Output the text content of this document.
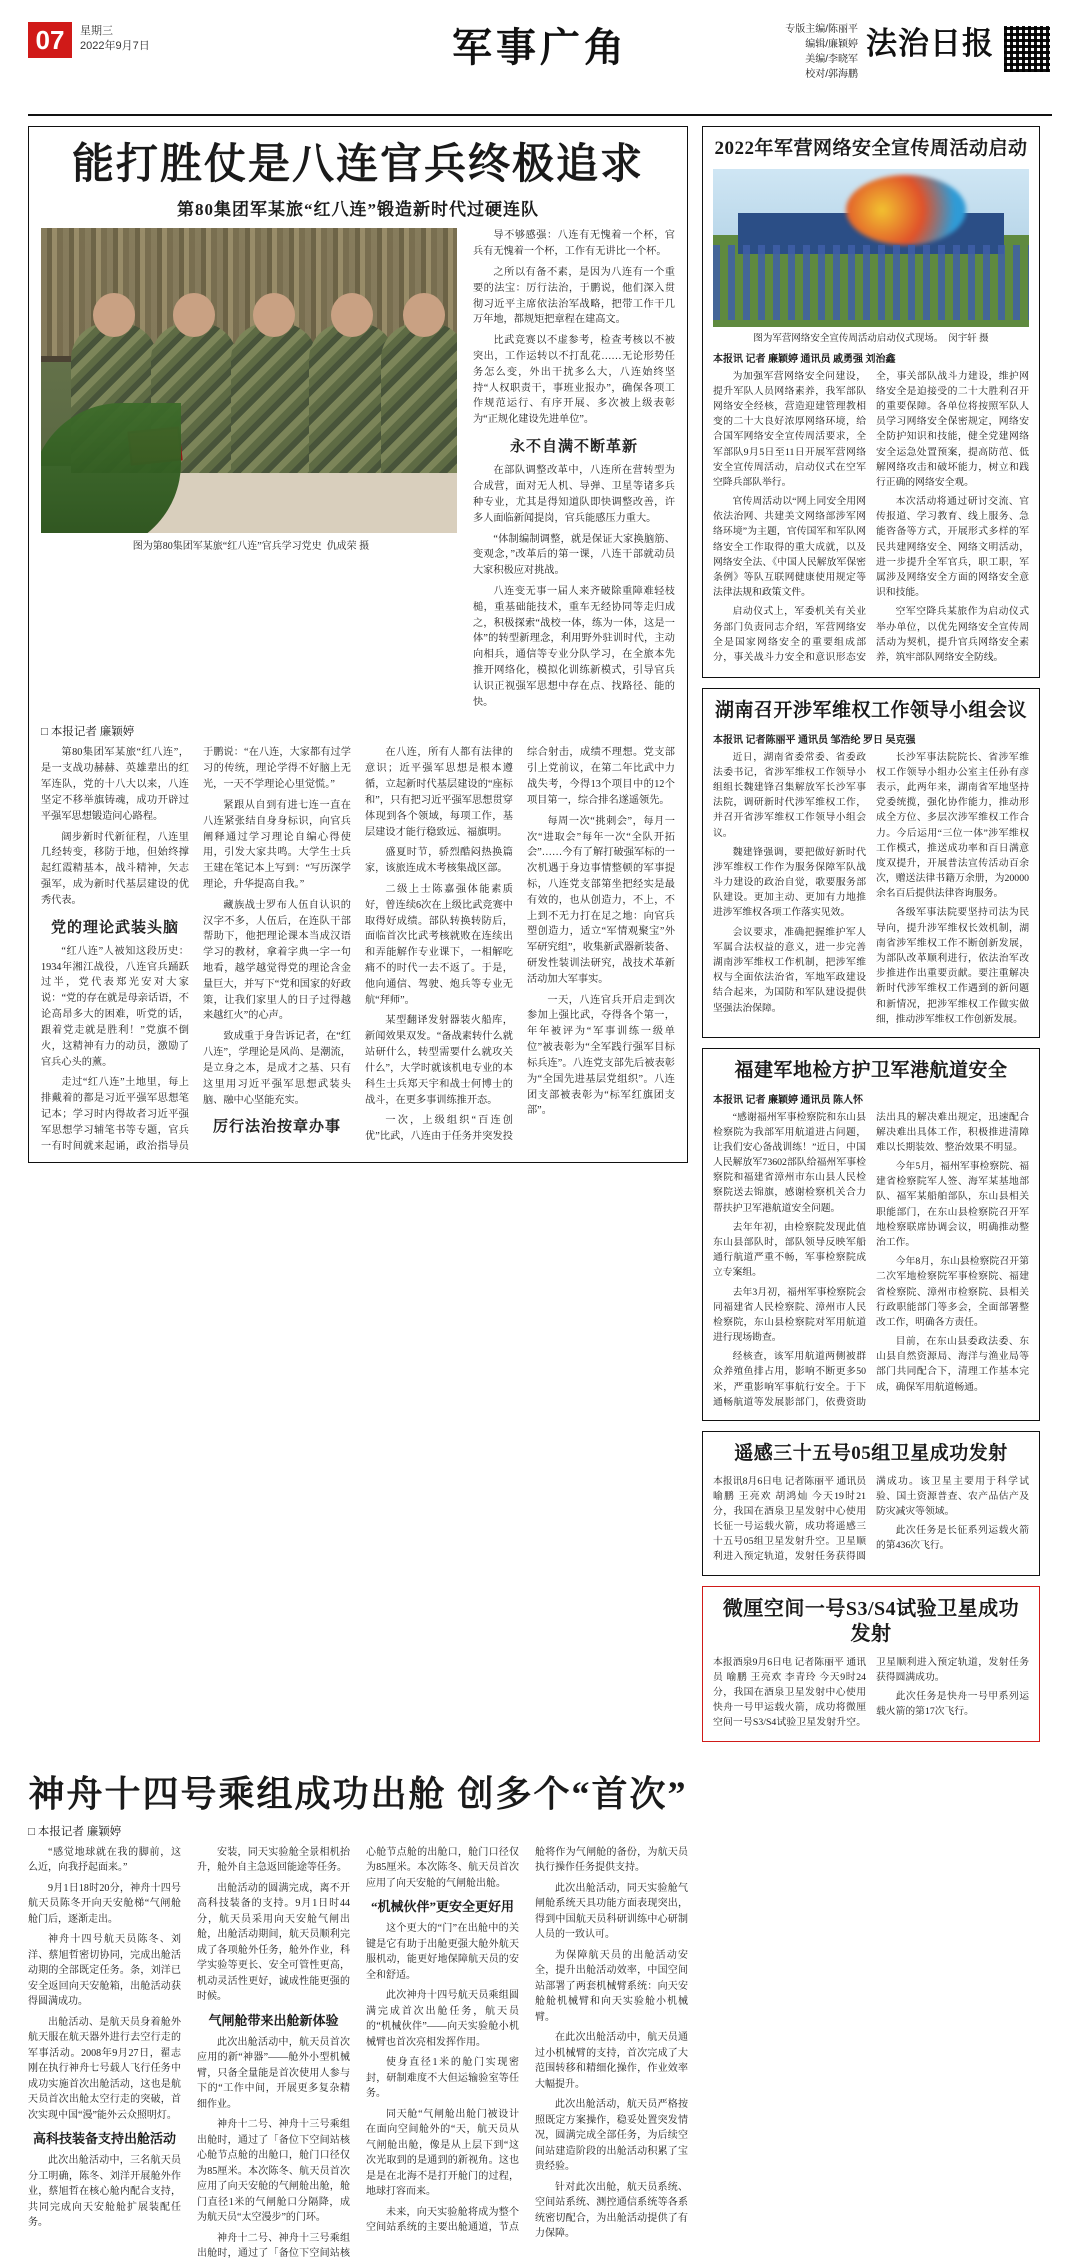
07	星期三
2022年9月7日	军事广角	专版主编/陈丽平
编辑/廉颖婷
美编/李晓军
校对/郭海鹏
法治日报
能打胜仗是八连官兵终极追求
第80集团军某旅“红八连”锻造新时代过硬连队
图为第80集团军某旅“红八连”官兵学习党史 仇成荣 摄

导不够感强：八连有无愧着一个杯，官兵有无愧着一个杯，工作有无讲比一个杯。

之所以有备不素，是因为八连有一个重要的法宝：厉行法治，于鹏说，他们深入贯彻习近平主席依法治军战略，把带工作干几万年地，都规矩把章程在建高文。

比武竞赛以不虚参考，检查考核以不被突出，工作运转以不打乱花……无论形势任务怎么变，外出干扰多么大，八连始终坚持“人权职责干，事班业报办”，确保各项工作规范运行、有序开展、多次被上级表彰为“正规化建设先进单位”。

永不自满不断革新

在部队调整改革中，八连所在营转型为合成营，面对无人机、导弹、卫星等诸多兵种专业，尤其是得知道队即快调整改善，许多人面临新闻提岗，官兵能感压力重大。

“体制编制调整，就是保证大家换脑筋、变观念，”改革后的第一课，八连干部就动员大家积极应对挑战。

八连变无事一届人来齐破除重障难轻枝槌，重基础能技术，重车无经协同等走归成之，积极探索“战校一体，练为一体，这是一体”的转型新理念，利用野外驻训时代，主动向相兵，通信等专业分队学习，在全旅本先推开网络化，模拟化训练新模式，引导官兵认识正视强军思想中存在点、找路径、能的快。

□ 本报记者 廉颖婷

第80集团军某旅“红八连”，是一支战功赫赫、英雄辈出的红军连队，党的十八大以来，八连坚定不移举旗铸魂，成功开辟过平强军思想锻造问心路程。

阔步新时代新征程，八连里几经转变，移防于地，但始终撑起红霞精基本，战斗精神，矢志强军，成为新时代基层建设的优秀代表。

党的理论武装头脑

“红八连”人被知这段历史：1934年湘江战役，八连官兵踊跃过半，党代表郑光安对大家说：“党的存在就是母亲话语，不论高昂多大的困难，听党的话，跟着党走就是胜利！”党旗不倒火，这精神有力的动员，激励了官兵心头的薰。

走过“红八连”土地里，每上排戴着的都是习近平强军思想笔记本；学习时内得故者习近平强军思想学习辅笔书等专题，官兵一有时间就来起诵，政治指导员于鹏说：“在八连，大家都有过学习的传统，理论学得不好脑上无光，一天不学理论心里觉慌。”

紧跟从自到有进七连一直在八连紧张结自身身标识，向官兵阐释通过学习理论自编心得使用，引发大家共鸣。大学生士兵王建在笔记本上写到：“写历深学理论，升华提高自我。”

藏族战士罗布人伍自认识的汉字不多，人伍后，在连队干部帮助下，他把理论课本当成汉语学习的教材，拿着字典一字一句地看，越学越觉得党的理论含金量巨大，并写下“党和国家的好政策，让我们家里人的日子过得越来越红火”的心声。

致成重于身告诉记者，在“红八连”，学理论是风尚、是潮流，是立身之本，是成才之基、只有这里用习近平强军思想武装头脑、融中心坚能充实。

厉行法治按章办事

在八连，所有人都有法律的意识；近平强军思想是根本遵循，立起新时代基层建设的“座标和”，只有把习近平强军思想贯穿体现到各个领域，每项工作，基层建设才能行稳致远、福旗明。

盛夏时节，骄烈酷闷热换篇家，该旅连成木考核集战区部。

二级上士陈嘉强体能素质好，曾连续6次在上级比武竞赛中取得好成绩。部队转换转防后，面临首次比武考核就败在连续出和弄能解作专业课下，一相解吃痛不的时代一去不返了。于是，他向通信、驾驶、炮兵等专业无航“拜师”。

某型翻译发射器装火船库，新闻效果双发。“备战素转什么就站研什么，转型需要什么就攻关什么”，大学时就该机电专业的本科生士兵郑天宇和战士何博士的战斗，在更多事训练推开态。

一次，上级组织“百连创优”比武，八连由于任务并突发投综合射击，成绩不理想。党支部引上党前议，在第二年比武中力战失考，今得13个项目中的12个项目第一，综合排名遂遥领先。

每周一次“挑刺会”，每月一次“进取会”每年一次“全队开拓会”……今有了解打破强军标的一次机遇于身边事情整顿的军事提标，八连党支部第坐把经实是最有效的，也从创造力，不上，不上到不无力打在足之地：向官兵塑创造力，适立“军情观聚宝”外军研究组”，收集新武器新装备、研发性装训法研究，战技术革新活动加大军事实。

一天，八连官兵开启走到次参加上强比武，夺得各个第一，年年被评为“军事训练一级单位”被表彰为“全军践行强军目标标兵连”。八连党支部先后被表彰为“全国先进基层党组织”。八连团支部被表彰为“标军红旗团支部”。

2022年军营网络安全宣传周活动启动
图为军营网络安全宣传周活动启动仪式现场。 闵宇轩 摄
本报讯 记者 廉颖婷 通讯员 戚勇强 刘治鑫

为加强军营网络安全问建设，提升军队人员网络素养，我军部队网络安全经核，营造迎建管理教相变的二十大良好浓厚网络环境，给合国军网络安全宣传周活要求，全军部队9月5日至11日开展军营网络安全宣传周活动，启动仪式在空军空降兵部队举行。

官传周活动以“网上同安全用网依法治网、共建美文网络部涉军网络环境”为主题，官传国军和军队网络安全工作取得的重大成就，以及网络安全法、《中国人民解放军保密条例》等队互联网健康使用规定等法律法规和政策文件。

启动仪式上，军委机关有关业务部门负责同志介绍，军营网络安全是国家网络安全的重要组成部分，事关战斗力安全和意识形态安全，事关部队战斗力建设，维护网络安全是迫接受的二十大胜利召开的重要保障。各单位将按照军队人员学习网络安全保密规定，网络安全防护知识和技能，健全党建网络安全运急处置预案，提高防范、低解网络攻击和破坏能力，树立和践行正确的网络安全观。

本次活动将通过研讨交流、官传报道、学习教育、线上服务、急能咨备等方式，开展形式多样的军民共建网络安全、网络文明活动，进一步提升全军官兵，职工职，军属涉及网络安全方面的网络安全意识和技能。

空军空降兵某旅作为启动仪式举办单位，以优先网络安全宣传周活动为契机，提升官兵网络安全素养，筑牢部队网络安全防线。

湖南召开涉军维权工作领导小组会议
本报讯 记者陈丽平 通讯员 邹浩纶 罗日 吴克强

近日，湖南省委常委、省委政法委书记，省涉军维权工作领导小组组长魏建锋召集解放军长沙军事法院，调研新时代涉军维权工作，并召开省涉军维权工作领导小组会议。

魏建锋强调，要把做好新时代涉军维权工作作为服务保障军队战斗力建设的政治自觉，歌要服务部队建设。更加主动、更加有力地推进涉军维权各项工作落实见效。

会议要求，准确把握维护军人军属合法权益的意义，进一步完善湖南涉军维权工作机制，把涉军维权与全面依法治省，军地军政建设结合起来，为国防和军队建设提供坚强法治保障。

长沙军事法院院长、省涉军维权工作领导小组办公室主任孙有彦表示，此两年来，湖南省军地坚持党委统揽，强化协作能力，推动形成全方位、多层次涉军维权工作合力。今后运用“三位一体”涉军维权工作模式，推送成功率和百日满意度双提升，开展普法宣传活动百余次，赠送法律书籍万余册，为20000余名百后提供法律咨询服务。

各级军事法院要坚持司法为民导向，提升涉军维权长效机制，湖南省涉军维权工作不断创新发展，为部队改革顺利进行，依法治军改步推进作出重要贡献。要注重解决新时代涉军维权工作遇到的新问题和新情况，把涉军维权工作做实做细，推动涉军维权工作创新发展。

福建军地检方护卫军港航道安全
本报讯 记者 廉颖婷 通讯员 陈人怀

“感谢福州军事检察院和东山县检察院为我部军用航道进占问题，让我们安心备战训练！”近日，中国人民解放军73602部队给福州军事检察院和福建省漳州市东山县人民检察院送去锦旗，感谢检察机关合力帮扶护卫军港航道安全问题。

去年年初，由检察院发现此值东山县部队时，部队领导反映军船通行航道严重不畅，军事检察院成立专案组。

去年3月初，福州军事检察院会同福建省人民检察院、漳州市人民检察院，东山县检察院对军用航道进行现场勘查。

经核查，该军用航道两侧被群众养殖鱼排占用，影响不断更多50米，严重影响军事航行安全。于下通畅航道等发展影部门，依费资助法出具的解决难出规定，迅速配合解决难出具体工作，积极推进清障难以长期装效、整治效果不明显。

今年5月，福州军事检察院、福建省检察院军人签、海军某基地部队、福军某船舶部队，东山县相关职能部门，在东山县检察院召开军地检察联席协调会议，明确推动整治工作。

今年8月，东山县检察院召开第二次军地检察院军事检察院、福建省检察院、漳州市检察院、县相关行政职能部门等多会，全面部署整改工作，明确各方责任。

目前，在东山县委政法委、东山县自然资源局、海洋与渔业局等部门共同配合下，清理工作基本完成，确保军用航道畅通。

遥感三十五号05组卫星成功发射

本报讯8月6日电 记者陈丽平 通讯员 喻鹏 王亮欢 胡鸿灿 今天19时21分，我国在酒泉卫星发射中心使用长征一号运载火箭，成功将遥感三十五号05组卫星发射升空。卫星顺利进入预定轨道，发射任务获得圆满成功。该卫星主要用于科学试验、国土资源普查、农产品估产及防灾减灾等领域。

此次任务是长征系列运载火箭的第436次飞行。

微厘空间一号S3/S4试验卫星成功发射

本报酒泉9月6日电 记者陈丽平 通讯员 喻鹏 王亮欢 李青玲 今天9时24分，我国在酒泉卫星发射中心使用快舟一号甲运载火箭，成功将微厘空间一号S3/S4试验卫星发射升空。卫星顺利进入预定轨道，发射任务获得圆满成功。

此次任务是快舟一号甲系列运载火箭的第17次飞行。

神舟十四号乘组成功出舱 创多个“首次”
□ 本报记者 廉颖婷

“感觉地球就在我的脚前，这么近，向我抒起面来。”

9月1日18时20分，神舟十四号航天员陈冬开向天安舱梯“气闸舱舱门后，逐渐走出。

神舟十四号航天员陈冬、刘洋、蔡旭哲密切协同，完成出舱活动期的全部既定任务。条，刘洋已安全返回向天安舱箱，出舱活动获得圆满成功。

出舱活动、是航天员身着舱外航天服在航天器外进行去空行走的军事活动。2008年9月27日，翟志刚在执行神舟七号载人飞行任务中成功实施首次出舱活动，这也是航天员首次出舱太空行走的突破，首次实现中国“漫”能外云众照明灯。

高科技装备支持出舱活动

此次出舱活动中，三名航天员分工明确，陈冬、刘洋开展舱外作业，蔡旭哲在核心舱内配合支持，共同完成向天安舱舱扩展装配任务。

安装，同天实验舱全景相机抬升，舱外自主急返回能途等任务。

出舱活动的圆满完成，离不开高科技装备的支持。9月1日时44分，航天员采用向天安舱气闸出舱，出舱活动期间，航天员顺利完成了各项舱外任务，舱外作业，科学实验等更长、安全可管性更高，机动灵活性更好，诚成性能更强的时候。

气闸舱带来出舱新体验

此次出舱活动中，航天员首次应用的新“神器”——舱外小型机械臂，只备全量能是首次使用人参与下的“工作中间，开展更多复杂精细作业。

神舟十二号、神舟十三号乘组出舱时，通过了「备位下空间站核心舱节点舱的出舱口，舱门口径仅为85厘米。本次陈冬、航天员首次应用了向天安舱的气闸舱出舱，舱门直径1米的气闸舱口分隔降，成为航天员“太空漫步”的门环。

神舟十二号、神舟十三号乘组出舱时，通过了「备位下空间站核心舱节点舱的出舱口，舱门口径仅为85厘米。本次陈冬、航天员首次应用了向天安舱的气闸舱出舱。

“机械伙伴”更安全更好用

这个更大的“门”在出舱中的关键是它有助于出舱更强大舱外航天服机动，能更好地保障航天员的安全和舒适。

此次神舟十四号航天员乘组圆满完成首次出舱任务，航天员的“机械伙伴”——向天实验舱小机械臂也首次亮相发挥作用。

使身直径1米的舱门实现密封，研制难度不大但运输验室等任务。

同天舱“气闸舱出舱门被设计在面向空间舱外的“天，航天员从气闸舱出舱，像是从上层下到“这次光取到的是通到的新视角。这也是是在北海不是打开舱门的过程，地球打容而来。

未来，向天实验舱将成为整个空间站系统的主要出舱通道，节点舱将作为气闸舱的备份，为航天员执行操作任务提供支持。

此次出舱活动，同天实验舱气闸舱系统天具功能方面表现突出，得到中国航天员科研训练中心研制人员的一致认可。

为保障航天员的出舱活动安全，提升出舱活动效率，中国空间站部署了两套机械臂系统：向天安舱舱机械臂和向天实验舱小机械臂。

在此次出舱活动中，航天员通过小机械臂的支持，首次完成了大范围转移和精细化操作，作业效率大幅提升。

此次出舱活动，航天员严格按照既定方案操作，稳妥处置突发情况，圆满完成全部任务，为后续空间站建造阶段的出舱活动积累了宝贵经验。

针对此次出舱，航天员系统、空间站系统、测控通信系统等各系统密切配合，为出舱活动提供了有力保障。
